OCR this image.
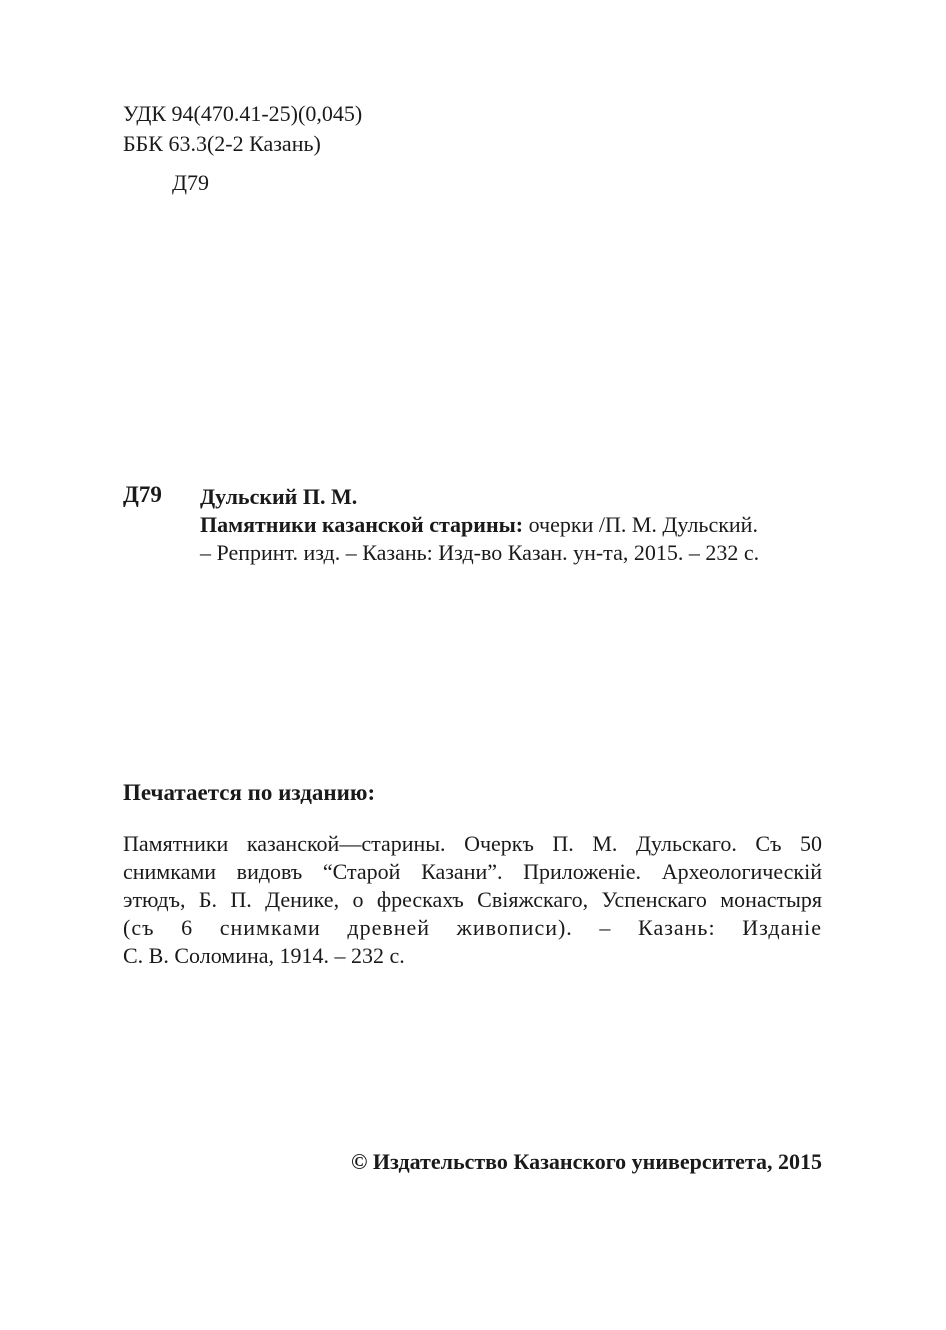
УДК 94(470.41-25)(0,045)
ББК 63.3(2-2 Казань)
Д79
Д79 Дульский П. М.
Памятники казанской старины: очерки /П. М. Дульский.
– Репринт. изд. – Казань: Изд-во Казан. ун-та, 2015. – 232 с.
Печатается по изданию:
Памятники казанской—старины. Очеркъ П. М. Дульскаго. Съ 50
снимками видовъ “Старой Казани”. Приложеніе. Археологическій
этюдъ, Б. П. Денике, о фрескахъ Свіяжскаго, Успенскаго монастыря
(съ 6 снимками древней живописи). – Казань: Изданіе
С. В. Соломина, 1914. – 232 с.
© Издательство Казанского университета, 2015
